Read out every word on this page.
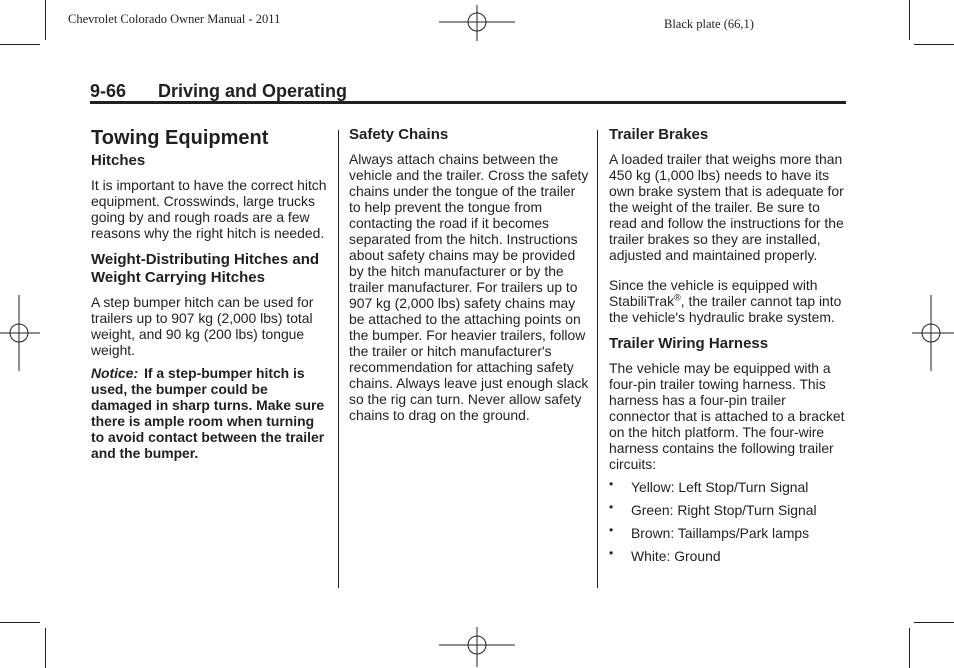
Chevrolet Colorado Owner Manual - 2011	Black plate (66,1)
9-66 Driving and Operating
Towing Equipment
Hitches

It is important to have the correct hitch equipment. Crosswinds, large trucks going by and rough roads are a few reasons why the right hitch is needed.

Weight-Distributing Hitches and Weight Carrying Hitches

A step bumper hitch can be used for trailers up to 907 kg (2,000 lbs) total weight, and 90 kg (200 lbs) tongue weight.

Notice: If a step-bumper hitch is used, the bumper could be damaged in sharp turns. Make sure there is ample room when turning to avoid contact between the trailer and the bumper.

Safety Chains

Always attach chains between the vehicle and the trailer. Cross the safety chains under the tongue of the trailer to help prevent the tongue from contacting the road if it becomes separated from the hitch. Instructions about safety chains may be provided by the hitch manufacturer or by the trailer manufacturer. For trailers up to 907 kg (2,000 lbs) safety chains may be attached to the attaching points on the bumper. For heavier trailers, follow the trailer or hitch manufacturer's recommendation for attaching safety chains. Always leave just enough slack so the rig can turn. Never allow safety chains to drag on the ground.

Trailer Brakes

A loaded trailer that weighs more than 450 kg (1,000 lbs) needs to have its own brake system that is adequate for the weight of the trailer. Be sure to read and follow the instructions for the trailer brakes so they are installed, adjusted and maintained properly.

Since the vehicle is equipped with StabiliTrak®, the trailer cannot tap into the vehicle's hydraulic brake system.

Trailer Wiring Harness

The vehicle may be equipped with a four-pin trailer towing harness. This harness has a four-pin trailer connector that is attached to a bracket on the hitch platform. The four-wire harness contains the following trailer circuits:

• Yellow: Left Stop/Turn Signal
• Green: Right Stop/Turn Signal
• Brown: Taillamps/Park lamps
• White: Ground
